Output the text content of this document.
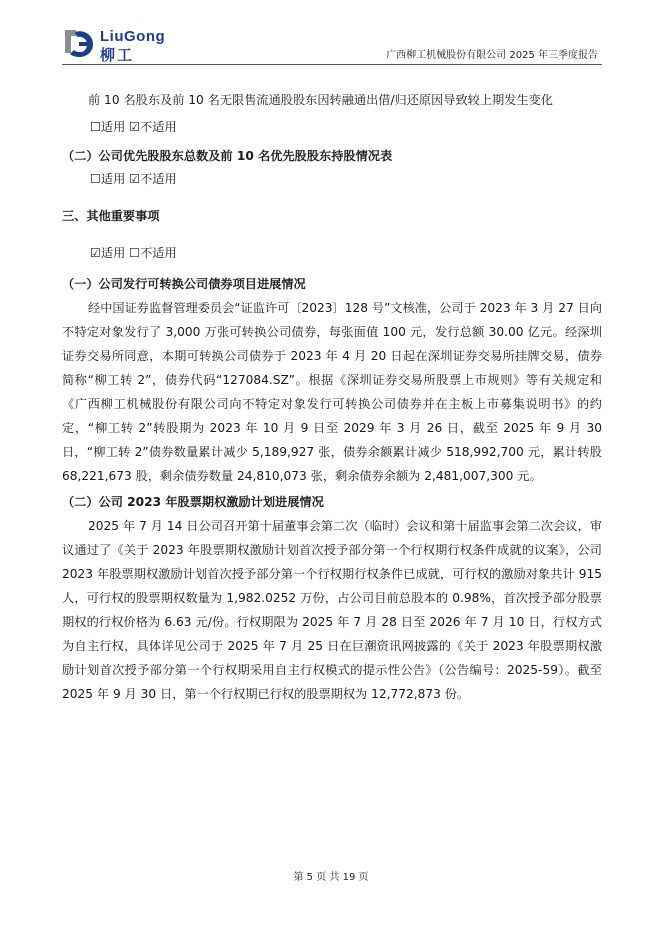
LiuGong
柳工	广西柳工机械股份有限公司 2025 年三季度报告

前 10 名股东及前 10 名无限售流通股股东因转融通出借/归还原因导致较上期发生变化

☐适用 ☑不适用

（二）公司优先股股东总数及前 10 名优先股股东持股情况表

☐适用 ☑不适用

三、其他重要事项

☑适用 ☐不适用

（一）公司发行可转换公司债券项目进展情况

经中国证券监督管理委员会“证监许可〔2023〕128 号”文核准，公司于 2023 年 3 月 27 日向不特定对象发行了 3,000 万张可转换公司债券，每张面值 100 元，发行总额 30.00 亿元。经深圳证券交易所同意，本期可转换公司债券于 2023 年 4 月 20 日起在深圳证券交易所挂牌交易，债券简称“柳工转 2”，债券代码“127084.SZ”。根据《深圳证券交易所股票上市规则》等有关规定和《广西柳工机械股份有限公司向不特定对象发行可转换公司债券并在主板上市募集说明书》的约定，“柳工转 2”转股期为 2023 年 10 月 9 日至 2029 年 3 月 26 日，截至 2025 年 9 月 30 日，“柳工转 2”债券数量累计减少 5,189,927 张，债券余额累计减少 518,992,700 元，累计转股 68,221,673 股，剩余债券数量 24,810,073 张，剩余债券余额为 2,481,007,300 元。

（二）公司 2023 年股票期权激励计划进展情况

2025 年 7 月 14 日公司召开第十届董事会第二次（临时）会议和第十届监事会第二次会议，审议通过了《关于 2023 年股票期权激励计划首次授予部分第一个行权期行权条件成就的议案》，公司 2023 年股票期权激励计划首次授予部分第一个行权期行权条件已成就，可行权的激励对象共计 915 人，可行权的股票期权数量为 1,982.0252 万份，占公司目前总股本的 0.98%，首次授予部分股票期权的行权价格为 6.63 元/份。行权期限为 2025 年 7 月 28 日至 2026 年 7 月 10 日，行权方式为自主行权，具体详见公司于 2025 年 7 月 25 日在巨潮资讯网披露的《关于 2023 年股票期权激励计划首次授予部分第一个行权期采用自主行权模式的提示性公告》（公告编号：2025-59）。截至 2025 年 9 月 30 日，第一个行权期已行权的股票期权为 12,772,873 份。

第 5 页 共 19 页
